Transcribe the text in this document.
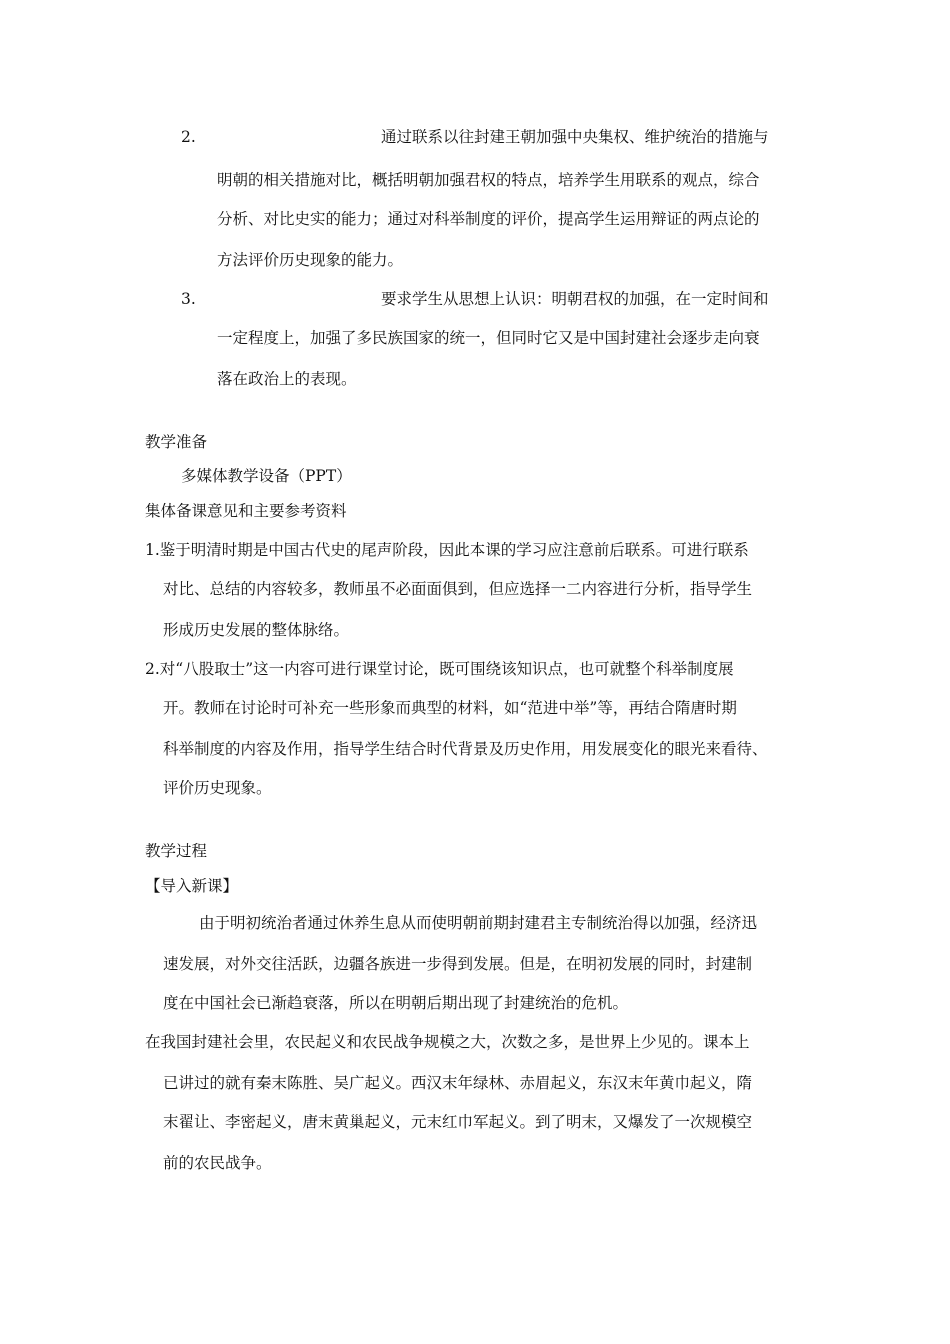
2.	通过联系以往封建王朝加强中央集权、维护统治的措施与
明朝的相关措施对比，概括明朝加强君权的特点，培养学生用联系的观点，综合
分析、对比史实的能力；通过对科举制度的评价，提高学生运用辩证的两点论的
方法评价历史现象的能力。
3.	要求学生从思想上认识：明朝君权的加强，在一定时间和
一定程度上，加强了多民族国家的统一，但同时它又是中国封建社会逐步走向衰
落在政治上的表现。
教学准备
多媒体教学设备（PPT）
集体备课意见和主要参考资料
1.鉴于明清时期是中国古代史的尾声阶段，因此本课的学习应注意前后联系。可进行联系
对比、总结的内容较多，教师虽不必面面俱到，但应选择一二内容进行分析，指导学生
形成历史发展的整体脉络。
2.对“八股取士”这一内容可进行课堂讨论，既可围绕该知识点，也可就整个科举制度展
开。教师在讨论时可补充一些形象而典型的材料，如“范进中举”等，再结合隋唐时期
科举制度的内容及作用，指导学生结合时代背景及历史作用，用发展变化的眼光来看待、
评价历史现象。
教学过程
【导入新课】
由于明初统治者通过休养生息从而使明朝前期封建君主专制统治得以加强，经济迅
速发展，对外交往活跃，边疆各族进一步得到发展。但是，在明初发展的同时，封建制
度在中国社会已渐趋衰落，所以在明朝后期出现了封建统治的危机。
在我国封建社会里，农民起义和农民战争规模之大，次数之多，是世界上少见的。课本上
已讲过的就有秦末陈胜、吴广起义。西汉末年绿林、赤眉起义，东汉末年黄巾起义，隋
末翟让、李密起义，唐末黄巢起义，元末红巾军起义。到了明末，又爆发了一次规模空
前的农民战争。
